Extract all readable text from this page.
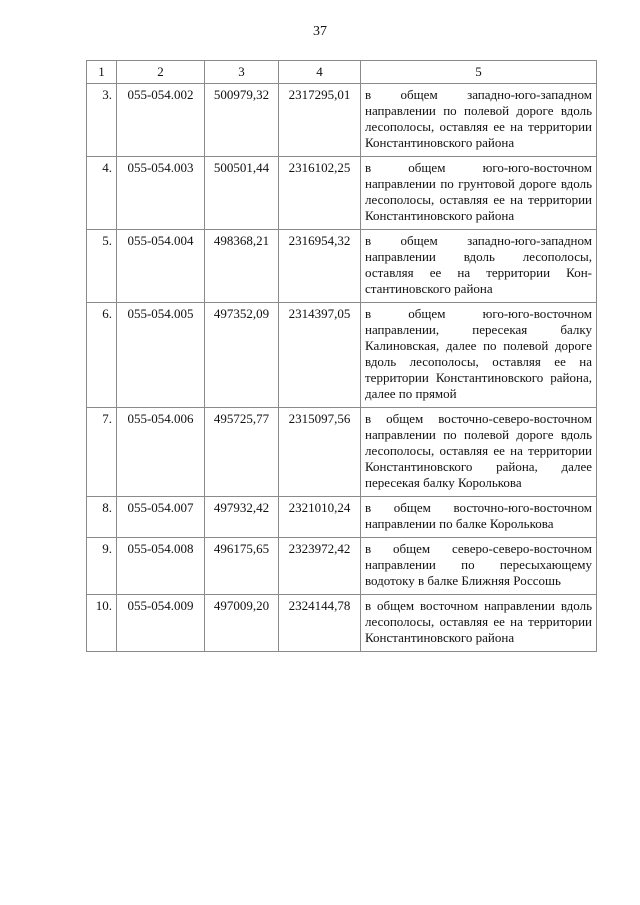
37
1	2	3	4	5
3.	055-054.002	500979,32	2317295,01	в общем западно-юго-западном направлении по полевой дороге вдоль лесополосы, оставляя ее на территории Константиновского района
4.	055-054.003	500501,44	2316102,25	в общем юго-юго-восточном направлении по грунтовой дороге вдоль лесополосы, оставляя ее на территории Константиновского района
5.	055-054.004	498368,21	2316954,32	в общем западно-юго-западном направлении вдоль лесополосы, оставляя ее на территории Константиновского района
6.	055-054.005	497352,09	2314397,05	в общем юго-юго-восточном направлении, пересекая балку Калиновская, далее по полевой дороге вдоль лесополосы, оставляя ее на территории Константиновского района, далее по прямой
7.	055-054.006	495725,77	2315097,56	в общем восточно-северо-восточном направлении по полевой дороге вдоль лесополосы, оставляя ее на территории Константиновского района, далее пересекая балку Королькова
8.	055-054.007	497932,42	2321010,24	в общем восточно-юго-восточном направлении по балке Королькова
9.	055-054.008	496175,65	2323972,42	в общем северо-северо-восточном направлении по пересыхающему водотоку в балке Ближняя Россошь
10.	055-054.009	497009,20	2324144,78	в общем восточном направлении вдоль лесополосы, оставляя ее на территории Константиновского района
